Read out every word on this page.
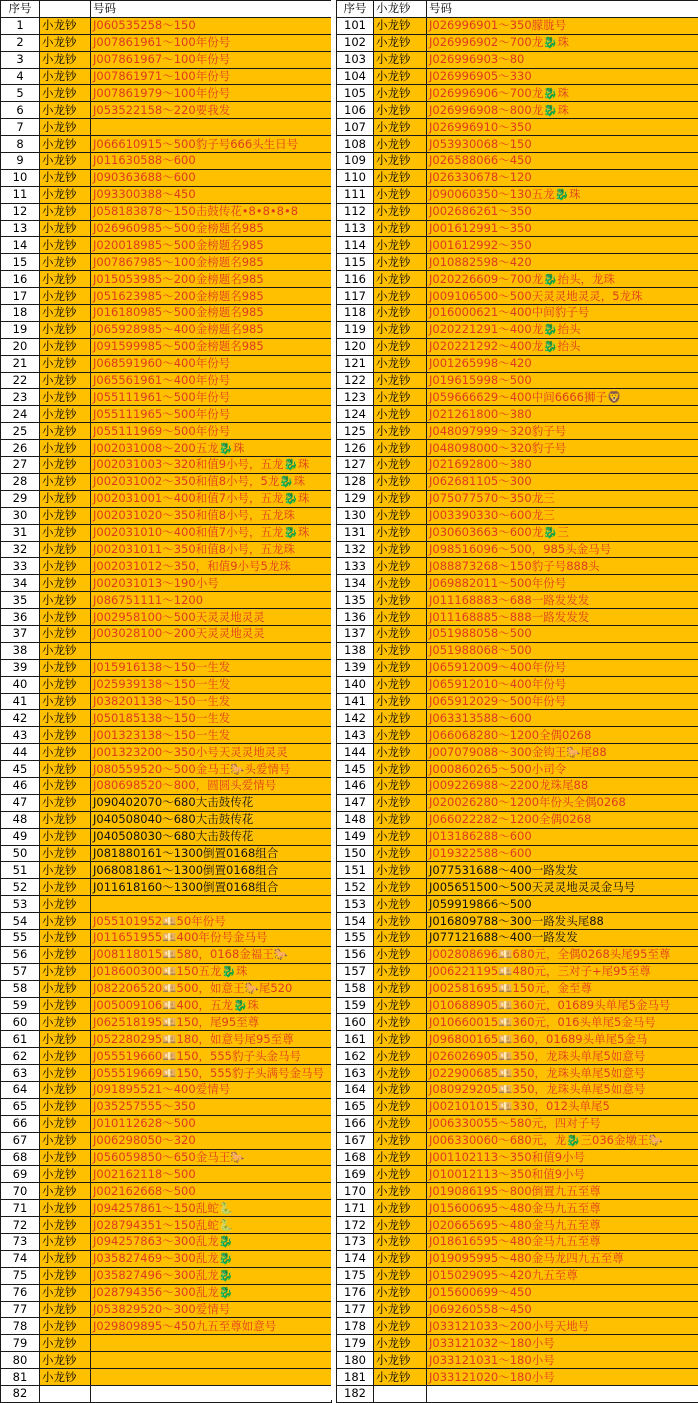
序号		号码
1	小龙钞	J060535258～150
2	小龙钞	J007861961～100年份号
3	小龙钞	J007861967～100年份号
4	小龙钞	J007861971～100年份号
5	小龙钞	J007861979～100年份号
6	小龙钞	J053522158～220要我发
7	小龙钞	
8	小龙钞	J066610915～500豹子号666头生日号
9	小龙钞	J011630588～600
10	小龙钞	J090363688～600
11	小龙钞	J093300388～450
12	小龙钞	J058183878～150击鼓传花•8•8•8•8
13	小龙钞	J026960985～500金榜题名985
14	小龙钞	J020018985～500金榜题名985
15	小龙钞	J007867985～100金榜题名985
16	小龙钞	J015053985～200金榜题名985
17	小龙钞	J051623985～200金榜题名985
18	小龙钞	J016180985～500金榜题名985
19	小龙钞	J065928985～400金榜题名985
20	小龙钞	J091599985～500金榜题名985
21	小龙钞	J068591960～400年份号
22	小龙钞	J065561961～400年份号
23	小龙钞	J055111961～500年份号
24	小龙钞	J055111965～500年份号
25	小龙钞	J055111969～500年份号
26	小龙钞	J002031008～200五龙🐉珠
27	小龙钞	J002031003～320和值9小号，五龙🐉珠
28	小龙钞	J002031002～350和值8小号，5龙🐉珠
29	小龙钞	J002031001～400和值7小号，五龙🐉珠
30	小龙钞	J002031020～350和值8小号，五龙珠
31	小龙钞	J002031010～400和值7小号，五龙🐉珠
32	小龙钞	J002031011～350和值8小号，五龙珠
33	小龙钞	J002031012～350，和值9小号5龙珠
34	小龙钞	J002031013～190小号
35	小龙钞	J086751111～1200
36	小龙钞	J002958100～500天灵灵地灵灵
37	小龙钞	J003028100～200天灵灵地灵灵
38	小龙钞	
39	小龙钞	J015916138～150一生发
40	小龙钞	J025939138～150一生发
41	小龙钞	J038201138～150一生发
42	小龙钞	J050185138～150一生发
43	小龙钞	J001323138～150一生发
44	小龙钞	J001323200～350小号天灵灵地灵灵
45	小龙钞	J080559520～500金马王🐎头爱情号
46	小龙钞	J080698520～800，圆圆头爱情号
47	小龙钞	J090402070～680大击鼓传花
48	小龙钞	J040508040～680大击鼓传花
49	小龙钞	J040508030～680大击鼓传花
50	小龙钞	J081880161～1300倒置0168组合
51	小龙钞	J068081861～1300倒置0168组合
52	小龙钞	J011618160～1300倒置0168组合
53	小龙钞	
54	小龙钞	J055101952💴50年份号
55	小龙钞	J011651955💴400年份号金马号
56	小龙钞	J008118015💴580，0168金福王🐎
57	小龙钞	J018600300💴150五龙🐉珠
58	小龙钞	J082206520💴500，如意王🐎尾520
59	小龙钞	J005009106💴400，五龙🐉珠
60	小龙钞	J062518195💴150，尾95至尊
61	小龙钞	J052280295💴180，如意号尾95至尊
62	小龙钞	J055519660💴150，555豹子头金马号
63	小龙钞	J055519669💴150，555豹子头满号金马号
64	小龙钞	J091895521～400爱情号
65	小龙钞	J035257555～350
66	小龙钞	J010112628～500
67	小龙钞	J006298050～320
68	小龙钞	J056059850～650金马王🐎
69	小龙钞	J002162118～500
70	小龙钞	J002162668～500
71	小龙钞	J094257861～150乱蛇🐍
72	小龙钞	J028794351～150乱蛇🐍
73	小龙钞	J094257863～300乱龙🐉
74	小龙钞	J035827469～300乱龙🐉
75	小龙钞	J035827496～300乱龙🐉
76	小龙钞	J028794356～300乱龙🐉
77	小龙钞	J053829520～300爱情号
78	小龙钞	J029809895～450九五至尊如意号
79	小龙钞	
80	小龙钞	
81	小龙钞	
82		
序号	小龙钞	号码
101	小龙钞	J026996901～350朦胧号
102	小龙钞	J026996902～700龙🐉珠
103	小龙钞	J026996903～80
104	小龙钞	J026996905～330
105	小龙钞	J026996906～700龙🐉珠
106	小龙钞	J026996908～800龙🐉珠
107	小龙钞	J026996910～350
108	小龙钞	J053930068～150
109	小龙钞	J026588066～450
110	小龙钞	J026330678～120
111	小龙钞	J090060350～130五龙🐉珠
112	小龙钞	J002686261～350
113	小龙钞	J001612991～350
114	小龙钞	J001612992～350
115	小龙钞	J010882598～420
116	小龙钞	J020226609～700龙🐉抬头，龙珠
117	小龙钞	J009106500～500天灵灵地灵灵，5龙珠
118	小龙钞	J016000621～400中间豹子号
119	小龙钞	J020221291～400龙🐉抬头
120	小龙钞	J020221292～400龙🐉抬头
121	小龙钞	J001265998～420
122	小龙钞	J019615998～500
123	小龙钞	J059666629～400中间6666狮子🦁
124	小龙钞	J021261800～380
125	小龙钞	J048097999～320豹子号
126	小龙钞	J048098000～320豹子号
127	小龙钞	J021692800～380
128	小龙钞	J062681105～300
129	小龙钞	J075077570～350龙三
130	小龙钞	J003390330～600龙三
131	小龙钞	J030603663～600龙🐉三
132	小龙钞	J098516096～500，985头金马号
133	小龙钞	J088873268～150豹子号888头
134	小龙钞	J069882011～500年份号
135	小龙钞	J011168883～688一路发发发
136	小龙钞	J011168885～888一路发发发
137	小龙钞	J051988058～500
138	小龙钞	J051988068～500
139	小龙钞	J065912009～400年份号
140	小龙钞	J065912010～400年份号
141	小龙钞	J065912029～500年份号
142	小龙钞	J063313588～600
143	小龙钞	J066068280～1200全偶0268
144	小龙钞	J007079088～300金钩王🐎尾88
145	小龙钞	J000860265～500小司令
146	小龙钞	J009226988～2200龙珠尾88
147	小龙钞	J020026280～1200年份头全偶0268
148	小龙钞	J066022282～1200全偶0268
149	小龙钞	J013186288～600
150	小龙钞	J019322588～600
151	小龙钞	J077531688～400一路发发
152	小龙钞	J005651500～500天灵灵地灵灵金马号
153	小龙钞	J059919866～500
154	小龙钞	J016809788～300一路发头尾88
155	小龙钞	J077121688～400一路发发
156	小龙钞	J002808696💴680元，全偶0268头尾95至尊
157	小龙钞	J006221195💴480元，三对子+尾95至尊
158	小龙钞	J002581695💴150元，金至尊
159	小龙钞	J010688905💴360元，01689头单尾5金马号
160	小龙钞	J010660015💴360元，016头单尾5金马号
161	小龙钞	J096800165💴360，01689头单尾5金马
162	小龙钞	J026026905💴350，龙珠头单尾5如意号
163	小龙钞	J022900685💴350，龙珠头单尾5如意号
164	小龙钞	J080929205💴350，龙珠头单尾5如意号
165	小龙钞	J002101015💴330，012头单尾5
166	小龙钞	J006330055～580元，四对子号
167	小龙钞	J006330060～680元，龙🐉三036金墩王🐎
168	小龙钞	J001102113～350和值9小号
169	小龙钞	J010012113～350和值9小号
170	小龙钞	J019086195～800倒置九五至尊
171	小龙钞	J015600695～480金马九五至尊
172	小龙钞	J020665695～480金马九五至尊
173	小龙钞	J018616595～480金马九五至尊
174	小龙钞	J019095995～480金马龙四九五至尊
175	小龙钞	J015029095～420九五至尊
176	小龙钞	J015600699～450
177	小龙钞	J069260558～450
178	小龙钞	J033121033～200小号天地号
179	小龙钞	J033121032～180小号
180	小龙钞	J033121031～180小号
181	小龙钞	J033121020～180小号
182		
